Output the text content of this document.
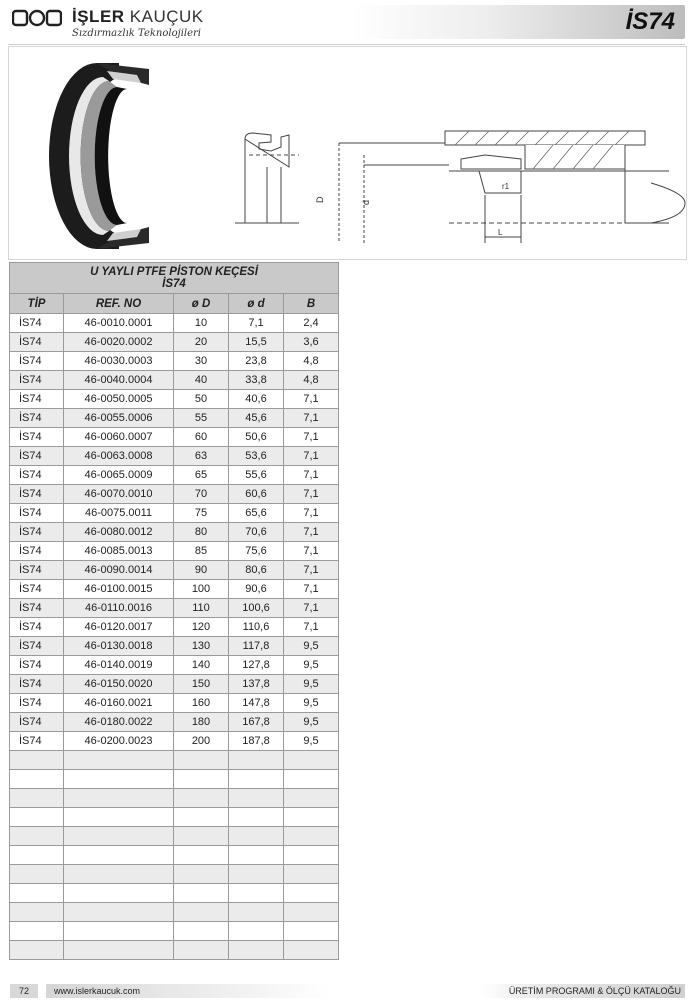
İŞLER KAUÇUK
Sızdırmazlık Teknolojileri	İS74
D	d
r1
L
U YAYLI PTFE PİSTON KEÇESİ
İS74				
TİP	REF. NO	ø D	ø d	B
İS74	46-0010.0001	10	7,1	2,4
İS74	46-0020.0002	20	15,5	3,6
İS74	46-0030.0003	30	23,8	4,8
İS74	46-0040.0004	40	33,8	4,8
İS74	46-0050.0005	50	40,6	7,1
İS74	46-0055.0006	55	45,6	7,1
İS74	46-0060.0007	60	50,6	7,1
İS74	46-0063.0008	63	53,6	7,1
İS74	46-0065.0009	65	55,6	7,1
İS74	46-0070.0010	70	60,6	7,1
İS74	46-0075.0011	75	65,6	7,1
İS74	46-0080.0012	80	70,6	7,1
İS74	46-0085.0013	85	75,6	7,1
İS74	46-0090.0014	90	80,6	7,1
İS74	46-0100.0015	100	90,6	7,1
İS74	46-0110.0016	110	100,6	7,1
İS74	46-0120.0017	120	110,6	7,1
İS74	46-0130.0018	130	117,8	9,5
İS74	46-0140.0019	140	127,8	9,5
İS74	46-0150.0020	150	137,8	9,5
İS74	46-0160.0021	160	147,8	9,5
İS74	46-0180.0022	180	167,8	9,5
İS74	46-0200.0023	200	187,8	9,5

72	www.islerkaucuk.com	ÜRETİM PROGRAMI & ÖLÇÜ KATALOĞU
